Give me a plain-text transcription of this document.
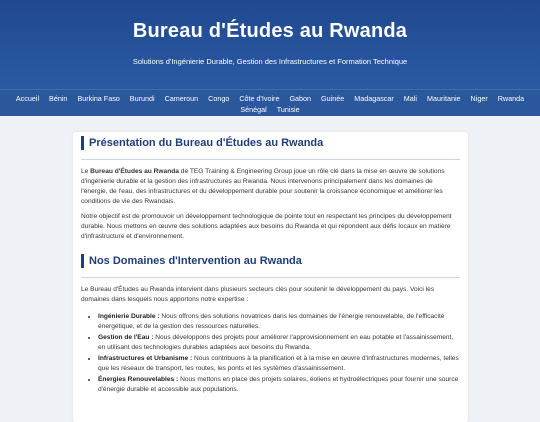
Bureau d'Études au Rwanda

Solutions d'Ingénierie Durable, Gestion des Infrastructures et Formation Technique

Accueil Bénin Burkina Faso Burundi Cameroun Congo Côte d'Ivoire Gabon Guinée Madagascar Mali Mauritanie Niger Rwanda Sénégal Tunisie
Présentation du Bureau d'Études au Rwanda

Le Bureau d'Études au Rwanda de TEG Training & Engineering Group joue un rôle clé dans la mise en œuvre de solutions d'ingénierie durable et la gestion des infrastructures au Rwanda. Nous intervenons principalement dans les domaines de l'énergie, de l'eau, des infrastructures et du développement durable pour soutenir la croissance économique et améliorer les conditions de vie des Rwandais.

Notre objectif est de promouvoir un développement technologique de pointe tout en respectant les principes du développement durable. Nous mettons en œuvre des solutions adaptées aux besoins du Rwanda et qui répondent aux défis locaux en matière d'infrastructure et d'environnement.

Nos Domaines d'Intervention au Rwanda

Le Bureau d'Études au Rwanda intervient dans plusieurs secteurs clés pour soutenir le développement du pays. Voici les domaines dans lesquels nous apportons notre expertise :

• Ingénierie Durable : Nous offrons des solutions novatrices dans les domaines de l'énergie renouvelable, de l'efficacité énergétique, et de la gestion des ressources naturelles.
• Gestion de l'Eau : Nous développons des projets pour améliorer l'approvisionnement en eau potable et l'assainissement, en utilisant des technologies durables adaptées aux besoins du Rwanda.
• Infrastructures et Urbanisme : Nous contribuons à la planification et à la mise en œuvre d'infrastructures modernes, telles que les réseaux de transport, les routes, les ponts et les systèmes d'assainissement.
• Énergies Renouvelables : Nous mettons en place des projets solaires, éoliens et hydroélectriques pour fournir une source d'énergie durable et accessible aux populations.
